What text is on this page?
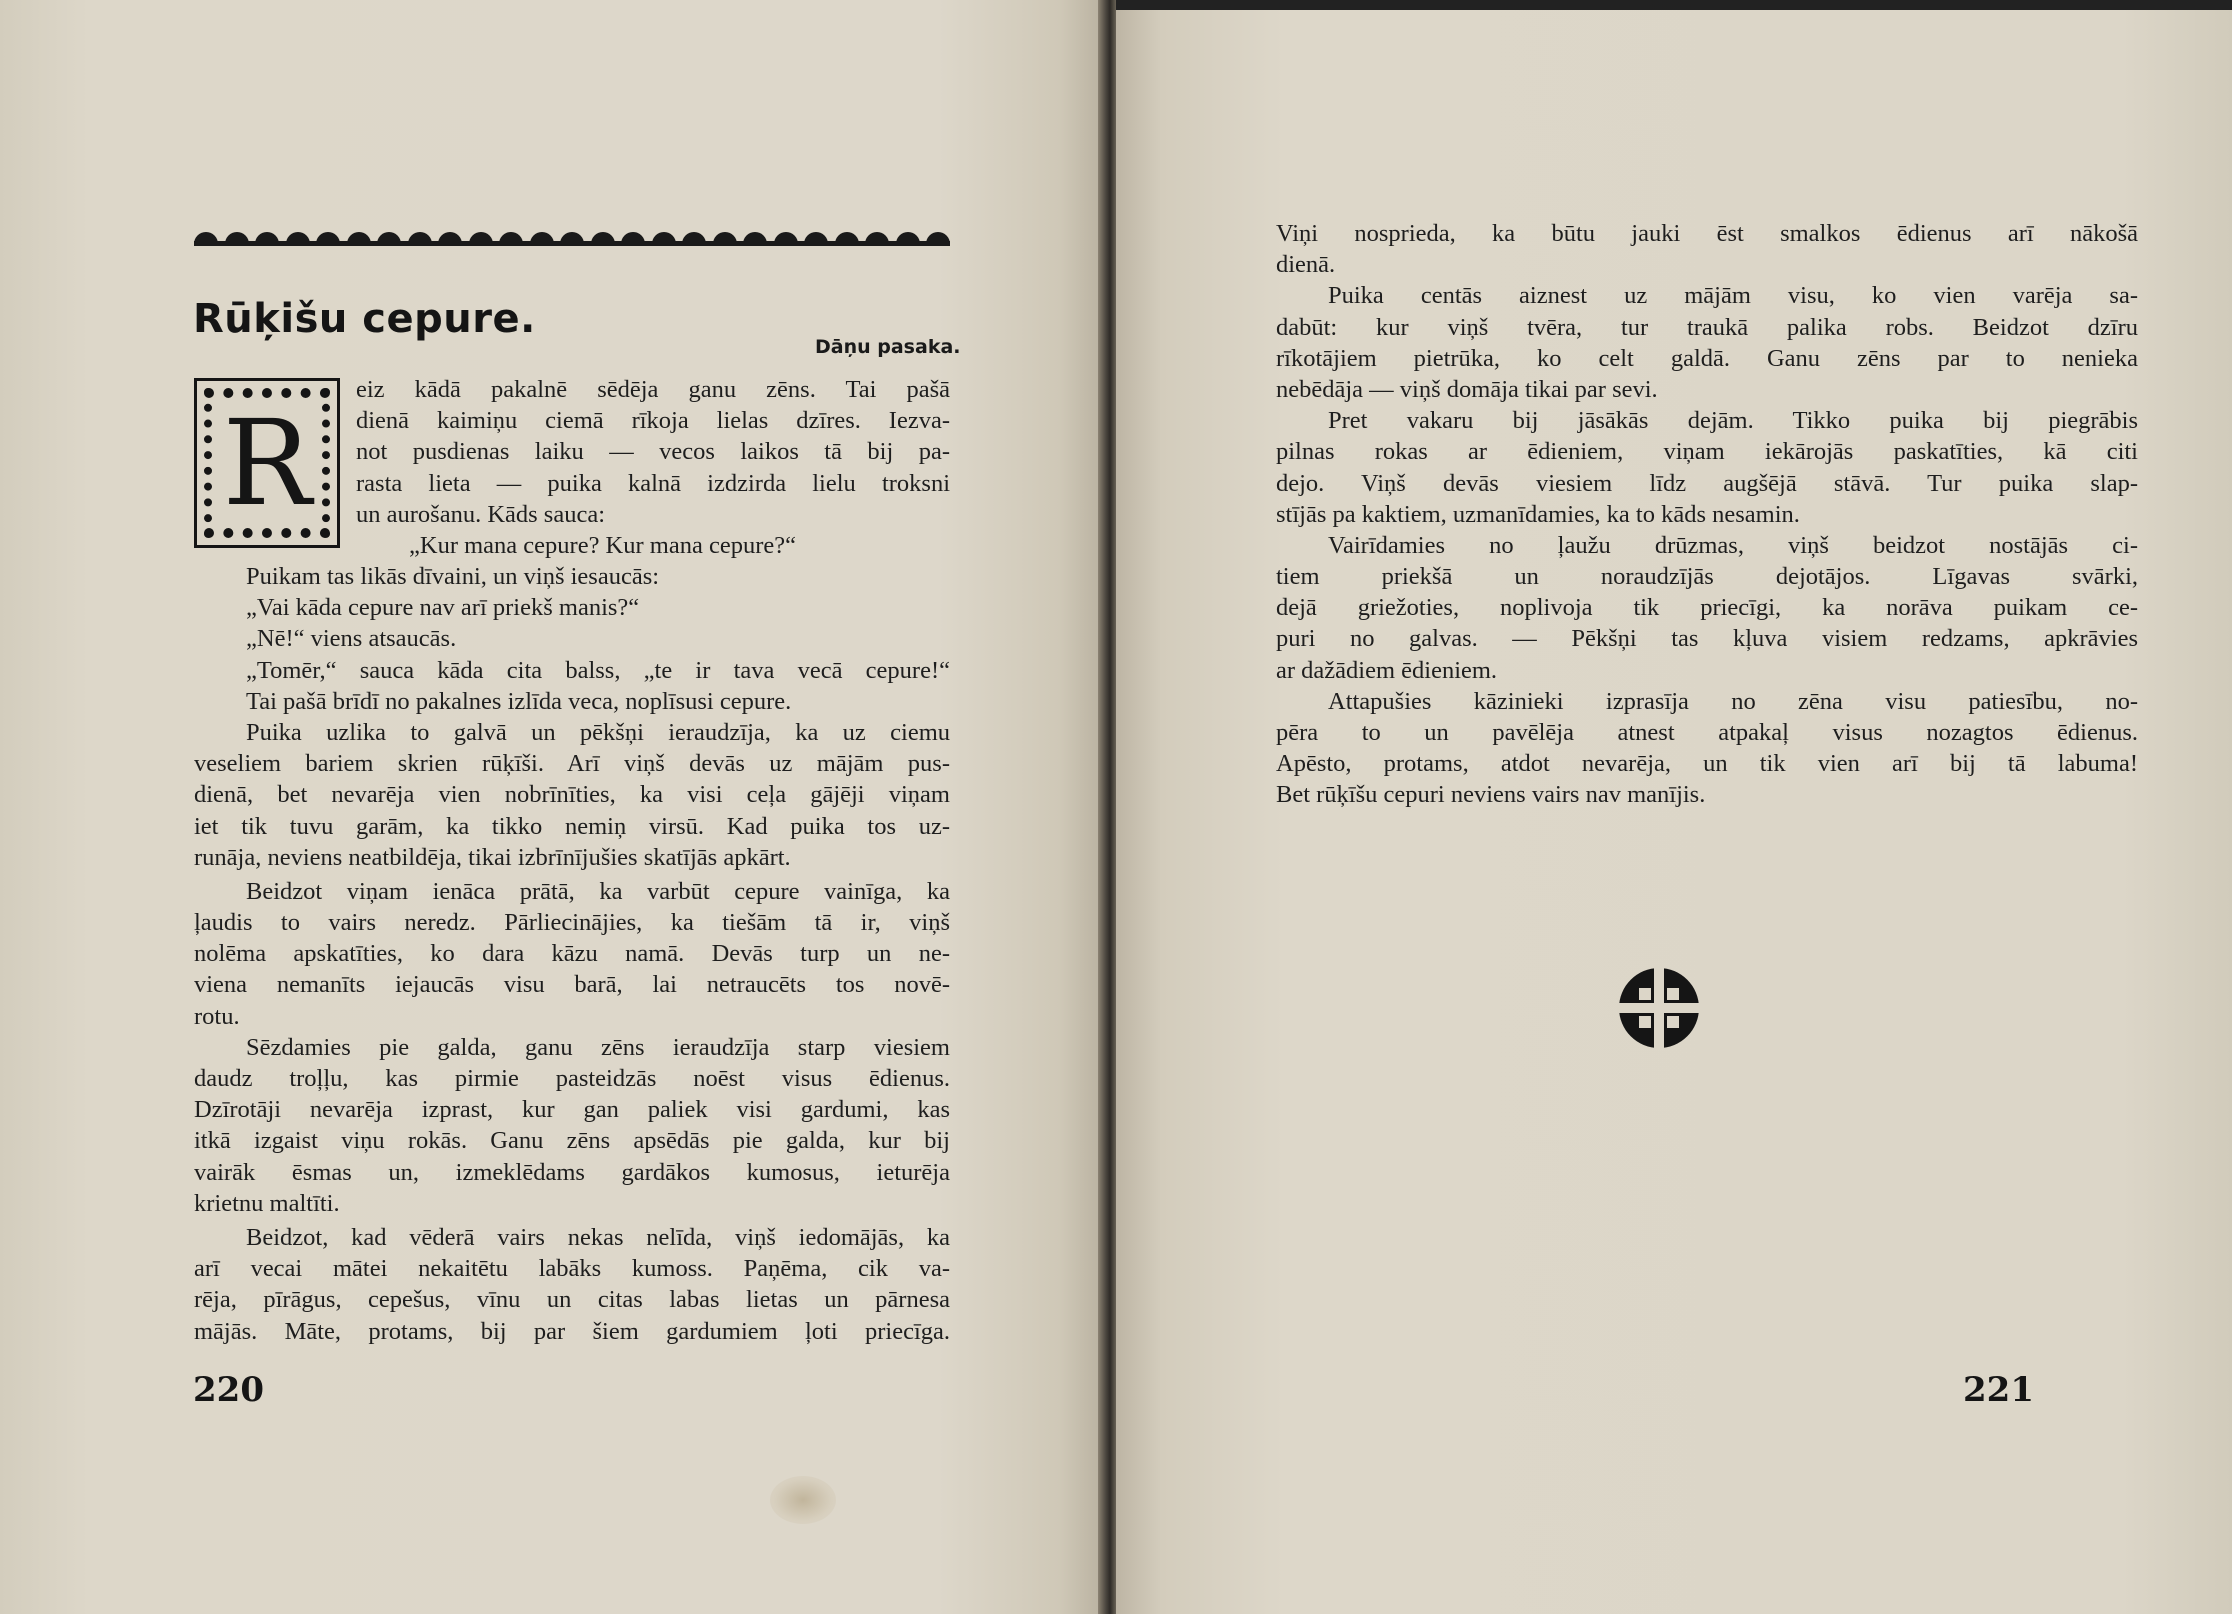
Rūķišu cepure.
Dāņu pasaka.
R
eiz kādā pakalnē sēdēja ganu zēns. Tai pašā
dienā kaimiņu ciemā rīkoja lielas dzīres. Iezva-
not pusdienas laiku — vecos laikos tā bij pa-
rasta lieta — puika kalnā izdzirda lielu troksni
un aurošanu. Kāds sauca:
„Kur mana cepure? Kur mana cepure?“
Puikam tas likās dīvaini, un viņš iesaucās:
„Vai kāda cepure nav arī priekš manis?“
„Nē!“ viens atsaucās.
„Tomēr,“ sauca kāda cita balss, „te ir tava vecā cepure!“
Tai pašā brīdī no pakalnes izlīda veca, noplīsusi cepure.
Puika uzlika to galvā un pēkšņi ieraudzīja, ka uz ciemu
veseliem bariem skrien rūķīši. Arī viņš devās uz mājām pus-
dienā, bet nevarēja vien nobrīnīties, ka visi ceļa gājēji viņam
iet tik tuvu garām, ka tikko nemiņ virsū. Kad puika tos uz-
runāja, neviens neatbildēja, tikai izbrīnījušies skatījās apkārt.
Beidzot viņam ienāca prātā, ka varbūt cepure vainīga, ka
ļaudis to vairs neredz. Pārliecinājies, ka tiešām tā ir, viņš
nolēma apskatīties, ko dara kāzu namā. Devās turp un ne-
viena nemanīts iejaucās visu barā, lai netraucēts tos novē-
rotu.
Sēzdamies pie galda, ganu zēns ieraudzīja starp viesiem
daudz troļļu, kas pirmie pasteidzās noēst visus ēdienus.
Dzīrotāji nevarēja izprast, kur gan paliek visi gardumi, kas
itkā izgaist viņu rokās. Ganu zēns apsēdās pie galda, kur bij
vairāk ēsmas un, izmeklēdams gardākos kumosus, ieturēja
krietnu maltīti.
Beidzot, kad vēderā vairs nekas nelīda, viņš iedomājās, ka
arī vecai mātei nekaitētu labāks kumoss. Paņēma, cik va-
rēja, pīrāgus, cepešus, vīnu un citas labas lietas un pārnesa
mājās. Māte, protams, bij par šiem gardumiem ļoti priecīga.
220
Viņi nosprieda, ka būtu jauki ēst smalkos ēdienus arī nākošā
dienā.
Puika centās aiznest uz mājām visu, ko vien varēja sa-
dabūt: kur viņš tvēra, tur traukā palika robs. Beidzot dzīru
rīkotājiem pietrūka, ko celt galdā. Ganu zēns par to nenieka
nebēdāja — viņš domāja tikai par sevi.
Pret vakaru bij jāsākās dejām. Tikko puika bij piegrābis
pilnas rokas ar ēdieniem, viņam iekārojās paskatīties, kā citi
dejo. Viņš devās viesiem līdz augšējā stāvā. Tur puika slap-
stījās pa kaktiem, uzmanīdamies, ka to kāds nesamin.
Vairīdamies no ļaužu drūzmas, viņš beidzot nostājās ci-
tiem priekšā un noraudzījās dejotājos. Līgavas svārki,
dejā griežoties, noplivoja tik priecīgi, ka norāva puikam ce-
puri no galvas. — Pēkšņi tas kļuva visiem redzams, apkrāvies
ar dažādiem ēdieniem.
Attapušies kāzinieki izprasīja no zēna visu patiesību, no-
pēra to un pavēlēja atnest atpakaļ visus nozagtos ēdienus.
Apēsto, protams, atdot nevarēja, un tik vien arī bij tā labuma!
Bet rūķīšu cepuri neviens vairs nav manījis.
221
